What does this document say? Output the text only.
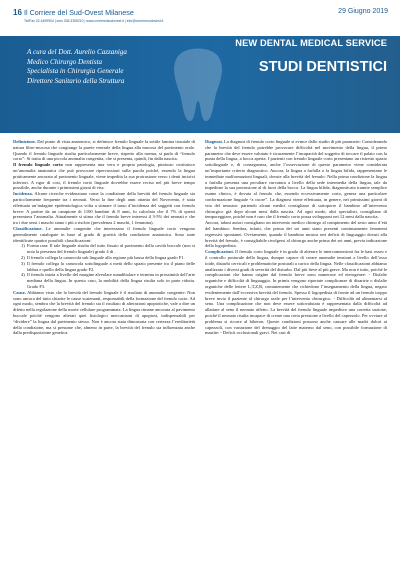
16 Il Corriere del Sud-Ovest Milanese	29 Giugno 2019
Tel/Fax 02.4499904 | sms 335.3355210 | www.corrieredsudovest.it | info@corrieresudovest.it
NEW DENTAL MEDICAL SERVICE
STUDI DENTISTICI
A cura del Dott. Aurelio Cazzaniga
Medico Chirurgo Dentista
Specialista in Chirurgia Generale
Direttore Sanitario della Struttura

Definizione. Dal punto di vista anatomico, si definisce frenulo linguale la sottile lamina tissutale di natura fibro-mucosa che congiunge la parete ventrale della lingua alla mucosa del pavimento orale. Quando il frenulo linguale risulta particolarmente breve, rispetto alla norma, si parla di “frenulo corto”: Si tratta di una piccola anomalia congenita, che si presenta, quindi, fin dalla nascita.

Il frenulo linguale corto non rappresenta una vera e propria patologia, piuttosto costituisce un’anomalia anatomica che può provocare ripercussioni sulla parola poiché, essendo la lingua praticamente ancorata al pavimento linguale, viene impedita la sua protrusione verso i denti incisivi inferiori. A rigor di cosi, il frenulo corto linguale dovrebbe essere reciso nel più breve tempo possibile, anche durante i primissimi giorni di vita.

Incidenza. Alcune ricerche evidenziano come la condizione della brevità del frenulo linguale sia particolarmente frequente tra i neonati. Verso la fine degli anni ottanta del Novecento, è stata effettuata un’indagine epidemiologica volta a stimare il tasso d’incidenza del soggetti con frenulo breve: A partire da un campione di 1100 bambini di 8 anni, fu calcolato che il 7% di questi presentava l’anomalia. Attualmente si stima che il frenulo breve interessi il 3-5% dei neonati e che tra i due sessi i maschi siano i più a rischio (prevalenza 2 maschi, 1 femmina).

Classificazione. Le anomalie congenite che interessano il frenulo linguale corto vengono generalmente catalogate in base al grado di gravità della condizione anatomica. Sono state identificate quattro possibili classificazioni:

1) Forma rara: Il tale linguale risulta del tutto fissato al pavimento della cavità buccale (non si nota la presenza del frenulo linguale) grado 4 di .
2) Il frenulo collega la caruncola sub linguale alla regione più bassa della lingua grado F1.
3) Il frenulo collega la caruncola sottolinguale a metà dello spazio presente tra il piano delle labbra e quello della lingua grado F2.
4) Il frenulo inizia a livello del margine alveolare mandibolare e termina in prossimità dell’arte mediana della lingua. In questo caso, la mobilità della lingua risulta solo in parte ridotta. Grado F3.

Cause. Abbiamo visto che la brevità del frenulo linguale è il risultato di anomalie congenite: Non sono ancora del tutto chiarite le cause scatenanti, responsabili della formazione del frenulo corto. Ad ogni modo, sembra che la brevità del frenulo sia il risultato di alterazioni apoptotiche, vale a dire un difetto nella regolazione della morte cellulare programmata. La lingua rimane ancorata al pavimento buccale poiché vengono alterati quei fisiologici meccanismi di apoptosi, indispensabili per “dividere” la lingua dal pavimento stesso. Non è ancora stata dimostrata con certezza l’ereditarietà della condizione, ma si presume che, almeno in parte, la brevità del frenulo sia influenzata anche dalla predisposizione genetica.

Diagnosi. La diagnosi di frenulo corto linguale si evince dallo studio di più parametri: Considerando che la brevità del frenulo potrebbe provocare difficoltà nel movimento della lingua, il primo parametro che deve essere valutato è sicuramente l’incapacità del soggetto di toccare il palato con la punta della lingua, a bocca aperta. I pazienti con frenulo linguale corto presentano un ristretto spazio sottolinguale e, di conseguenza, anche l’osservazione di questo parametro viene considerata un’importante criterio diagnostico. Ancora, la lingua a farfalla o la lingua bifida, rappresentano le immediate malformazioni linguali, dovute alla brevità del frenulo: Nella prima condizione la lingua a farfalla presenta una peculiare curvatura a livello della sede intermedia della lingua, tale da impedirne la sua protrusione al di fuori della bocca. La lingua bifida, diagnosticata tramite semplice esame clinico, è dovuta al frenulo che, essendo eccessivamente corto, genera una particolare conformazione linguale “a cuore”. La diagnosi viene effettuata, in genere, nei primissimi giorni di vita del neonato: partendo alcuni medici consigliano di sottoporre il bambino all’intervento chirurgico già dopo alcuni mesi dalla nascita. Ad ogni modo, altri specialisti, consigliano di temporeggiare, poiché non è raro che il frenulo corto possa svilupparsi nei 12 mesi dalla nascita.

Ancora, taluni autori consigliano un intervento medico chirurgo al compimento del sesto anno d’età del bambino: Sembra, infatti, che prima dei sei anni siano presenti continuamente fenomeni regressivi spontanei. Ovviamente, quando il bambino mostra seri deficit di linguaggio dovuti alla brevità del frenulo, è consigliabile rivolgersi al chirurgo anche prima dei sei anni, previa indicazione della logopedista.

Complicazioni. Il frenulo corto linguale è in grado di alterare le interconnessioni fra le basi osseo e il controllo posturale della lingua, dunque capace di creare anomalie tensioni a livello dell’osso ioide, disturbi cervicali e problematiche posturali a carico della lingua. Nelle classificazioni abbiamo analizzato i diversi gradi di severità del disturbo. Dal più lieve al più grave. Ma non è tutto, poiché le complicazioni che hanno origine dal frenulo breve sono numerose ed eterogenee: - Disfalie organiche e difficoltà di linguaggio. In primis vengono riportate complicanze di disartrie o dislalie organiche delle lettere L,T,Z,R, comunemente che richiedono l’insegnamento della lingua, negato evidentemente dall’eccessiva brevità del frenulo. Spesso il logopedista di fronte ad un frenulo troppo breve invia il paziente al chirurgo orale per l’intervento chirurgico. - Difficoltà ad alimentarsi al seno. Una complicazione che non deve essere sottovalutata è rappresentata dalla difficoltà ad allattare al seno il neonato affetto. La brevità del frenulo linguale impedisce una corretta suzione, poiché il neonato risulta incapace di creare una certa pressione a livello del capezzolo. Per ovviare al problema si ricorre al biberon. Queste condizioni possono anche causare alle madri dolori ai capezzoli, con variazione del drenaggio del latte materno dal seno, con possibile formazione di mastite: - Deficit occlusionali gravi. Nei casi di
